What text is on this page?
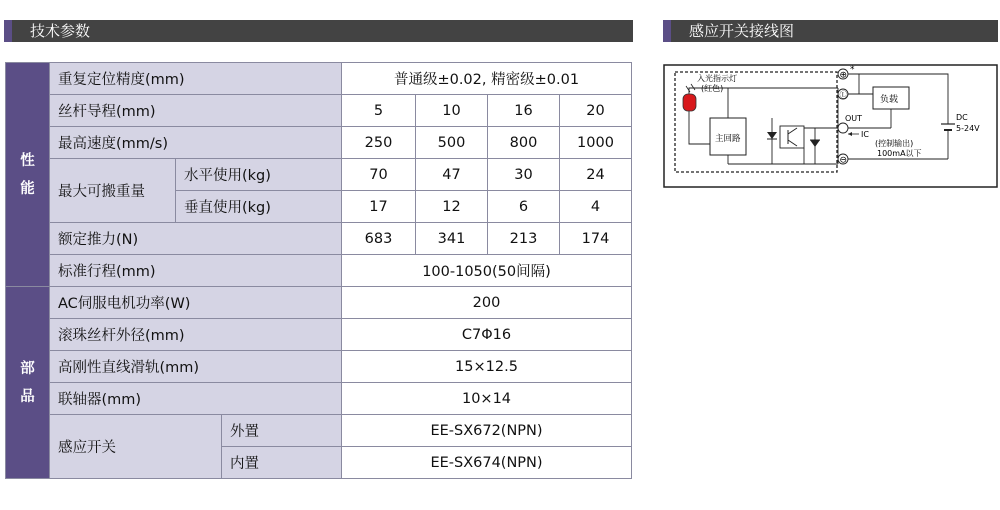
技术参数	感应开关接线图
性
能	重复定位精度(mm)			普通级±0.02, 精密级±0.01			
	丝杆导程(mm)			5	10	16	20
	最高速度(mm/s)			250	500	800	1000
	最大可搬重量	水平使用(kg)		70	47	30	24
		垂直使用(kg)		17	12	6	4
	额定推力(N)			683	341	213	174
	标准行程(mm)			100-1050(50间隔)			

部
品	AC伺服电机功率(W)			200			
	滚珠丝杆外径(mm)			C7Φ16			
	高刚性直线滑轨(mm)			15×12.5			
	联轴器(mm)			10×14			
	感应开关		外置	EE-SX672(NPN)			
			内置	EE-SX674(NPN)			
入光指示灯
(红色)
主回路
⊕
*
Ⓛ
⊖
负载
OUT
IC
(控制输出)
100mA以下
DC
5-24V
